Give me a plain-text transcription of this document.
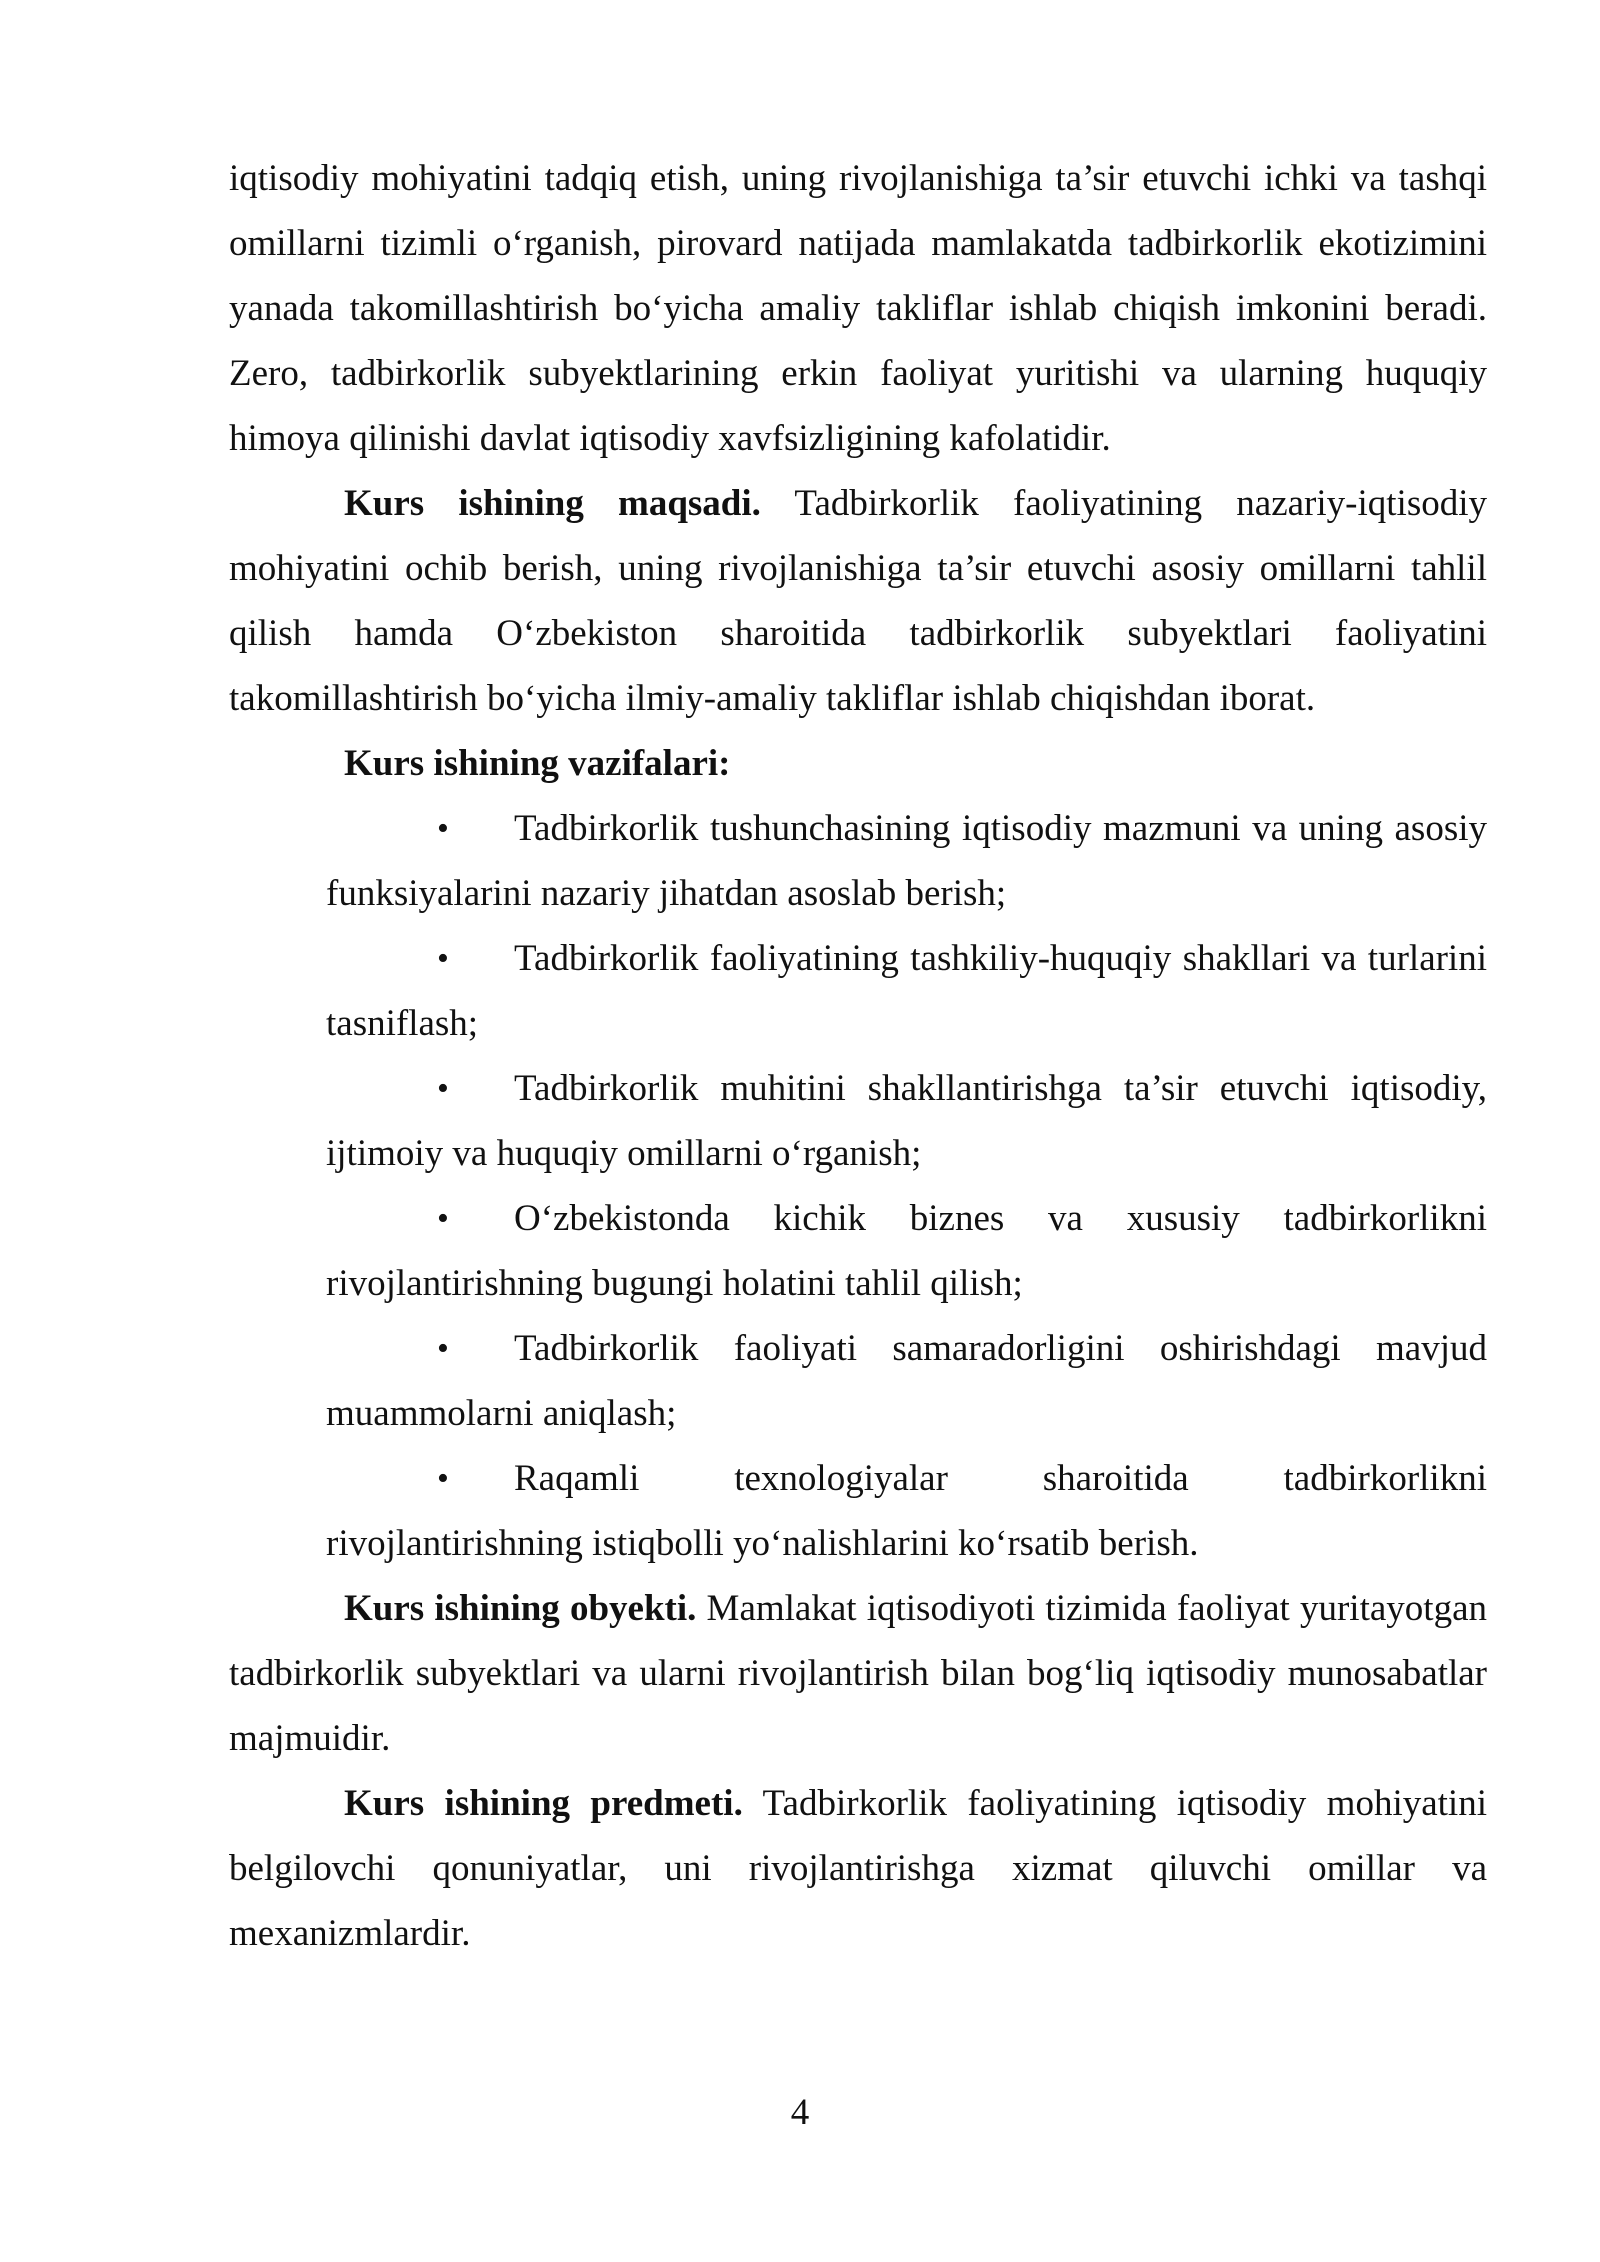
iqtisodiy mohiyatini tadqiq etish, uning rivojlanishiga ta’sir etuvchi ichki va tashqi omillarni tizimli o‘rganish, pirovard natijada mamlakatda tadbirkorlik ekotizimini yanada takomillashtirish bo‘yicha amaliy takliflar ishlab chiqish imkonini beradi. Zero, tadbirkorlik subyektlarining erkin faoliyat yuritishi va ularning huquqiy himoya qilinishi davlat iqtisodiy xavfsizligining kafolatidir.

Kurs ishining maqsadi. Tadbirkorlik faoliyatining nazariy-iqtisodiy mohiyatini ochib berish, uning rivojlanishiga ta’sir etuvchi asosiy omillarni tahlil qilish hamda O‘zbekiston sharoitida tadbirkorlik subyektlari faoliyatini takomillashtirish bo‘yicha ilmiy-amaliy takliflar ishlab chiqishdan iborat.

Kurs ishining vazifalari:

• Tadbirkorlik tushunchasining iqtisodiy mazmuni va uning asosiy funksiyalarini nazariy jihatdan asoslab berish;
• Tadbirkorlik faoliyatining tashkiliy-huquqiy shakllari va turlarini tasniflash;
• Tadbirkorlik muhitini shakllantirishga ta’sir etuvchi iqtisodiy, ijtimoiy va huquqiy omillarni o‘rganish;
• O‘zbekistonda kichik biznes va xususiy tadbirkorlikni rivojlantirishning bugungi holatini tahlil qilish;
• Tadbirkorlik faoliyati samaradorligini oshirishdagi mavjud muammolarni aniqlash;
• Raqamli texnologiyalar sharoitida tadbirkorlikni rivojlantirishning istiqbolli yo‘nalishlarini ko‘rsatib berish.

Kurs ishining obyekti. Mamlakat iqtisodiyoti tizimida faoliyat yuritayotgan tadbirkorlik subyektlari va ularni rivojlantirish bilan bog‘liq iqtisodiy munosabatlar majmuidir.

Kurs ishining predmeti. Tadbirkorlik faoliyatining iqtisodiy mohiyatini belgilovchi qonuniyatlar, uni rivojlantirishga xizmat qiluvchi omillar va mexanizmlardir.

4
